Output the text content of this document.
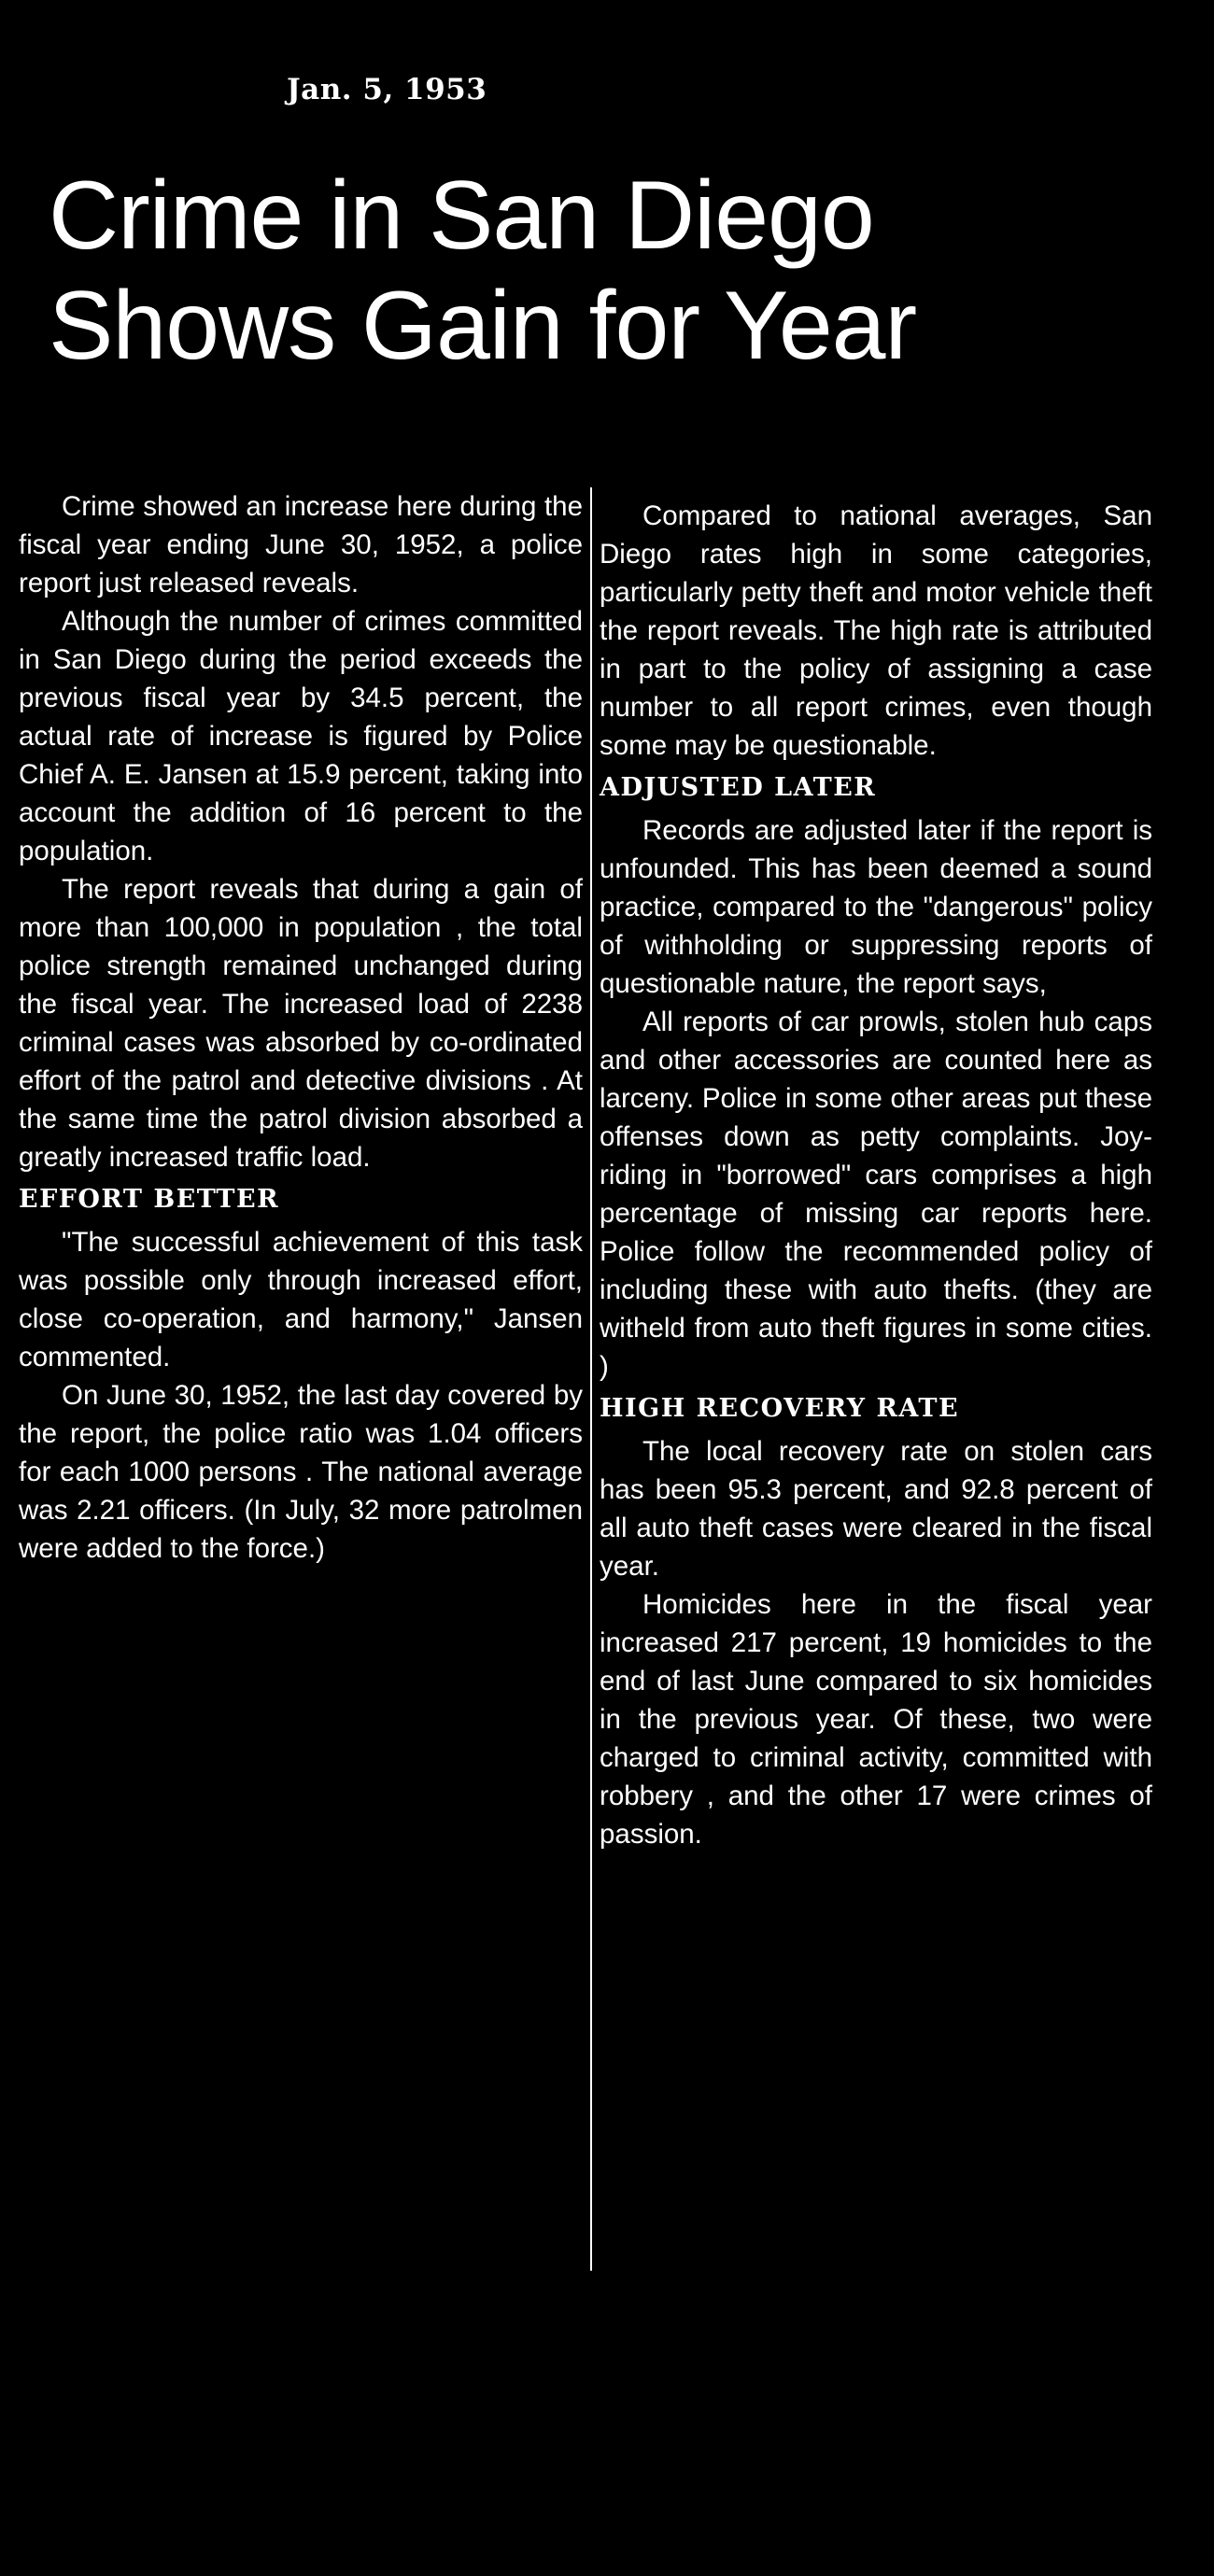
Jan. 5, 1953
Crime in San Diego
Shows Gain for Year

Crime showed an increase here during the fiscal year ending June 30, 1952, a police report just released reveals.

Although the number of crimes committed in San Diego during the period exceeds the previous fiscal year by 34.5 percent, the actual rate of increase is figured by Police Chief A. E. Jansen at 15.9 percent, taking into account the addition of 16 percent to the population.

The report reveals that during a gain of more than 100,000 in population , the total police strength remained unchanged during the fiscal year. The increased load of 2238 criminal cases was absorbed by co-ordinated effort of the patrol and detective divisions . At the same time the patrol division absorbed a greatly increased traffic load.

EFFORT BETTER

"The successful achievement of this task was possible only through increased effort, close co-operation, and harmony," Jansen commented.

On June 30, 1952, the last day covered by the report, the police ratio was 1.04 officers for each 1000 persons . The national average was 2.21 officers. (In July, 32 more patrolmen were added to the force.)

Compared to national averages, San Diego rates high in some categories, particularly petty theft and motor vehicle theft the report reveals. The high rate is attributed in part to the policy of assigning a case number to all report crimes, even though some may be questionable.

ADJUSTED LATER

Records are adjusted later if the report is unfounded. This has been deemed a sound practice, compared to the "dangerous" policy of withholding or suppressing reports of questionable nature, the report says,

All reports of car prowls, stolen hub caps and other accessories are counted here as larceny. Police in some other areas put these offenses down as petty complaints. Joy-riding in "borrowed" cars comprises a high percentage of missing car reports here. Police follow the recommended policy of including these with auto thefts. (they are witheld from auto theft figures in some cities. )

HIGH RECOVERY RATE

The local recovery rate on stolen cars has been 95.3 percent, and 92.8 percent of all auto theft cases were cleared in the fiscal year.

Homicides here in the fiscal year increased 217 percent, 19 homicides to the end of last June compared to six homicides in the previous year. Of these, two were charged to criminal activity, committed with robbery , and the other 17 were crimes of passion.
